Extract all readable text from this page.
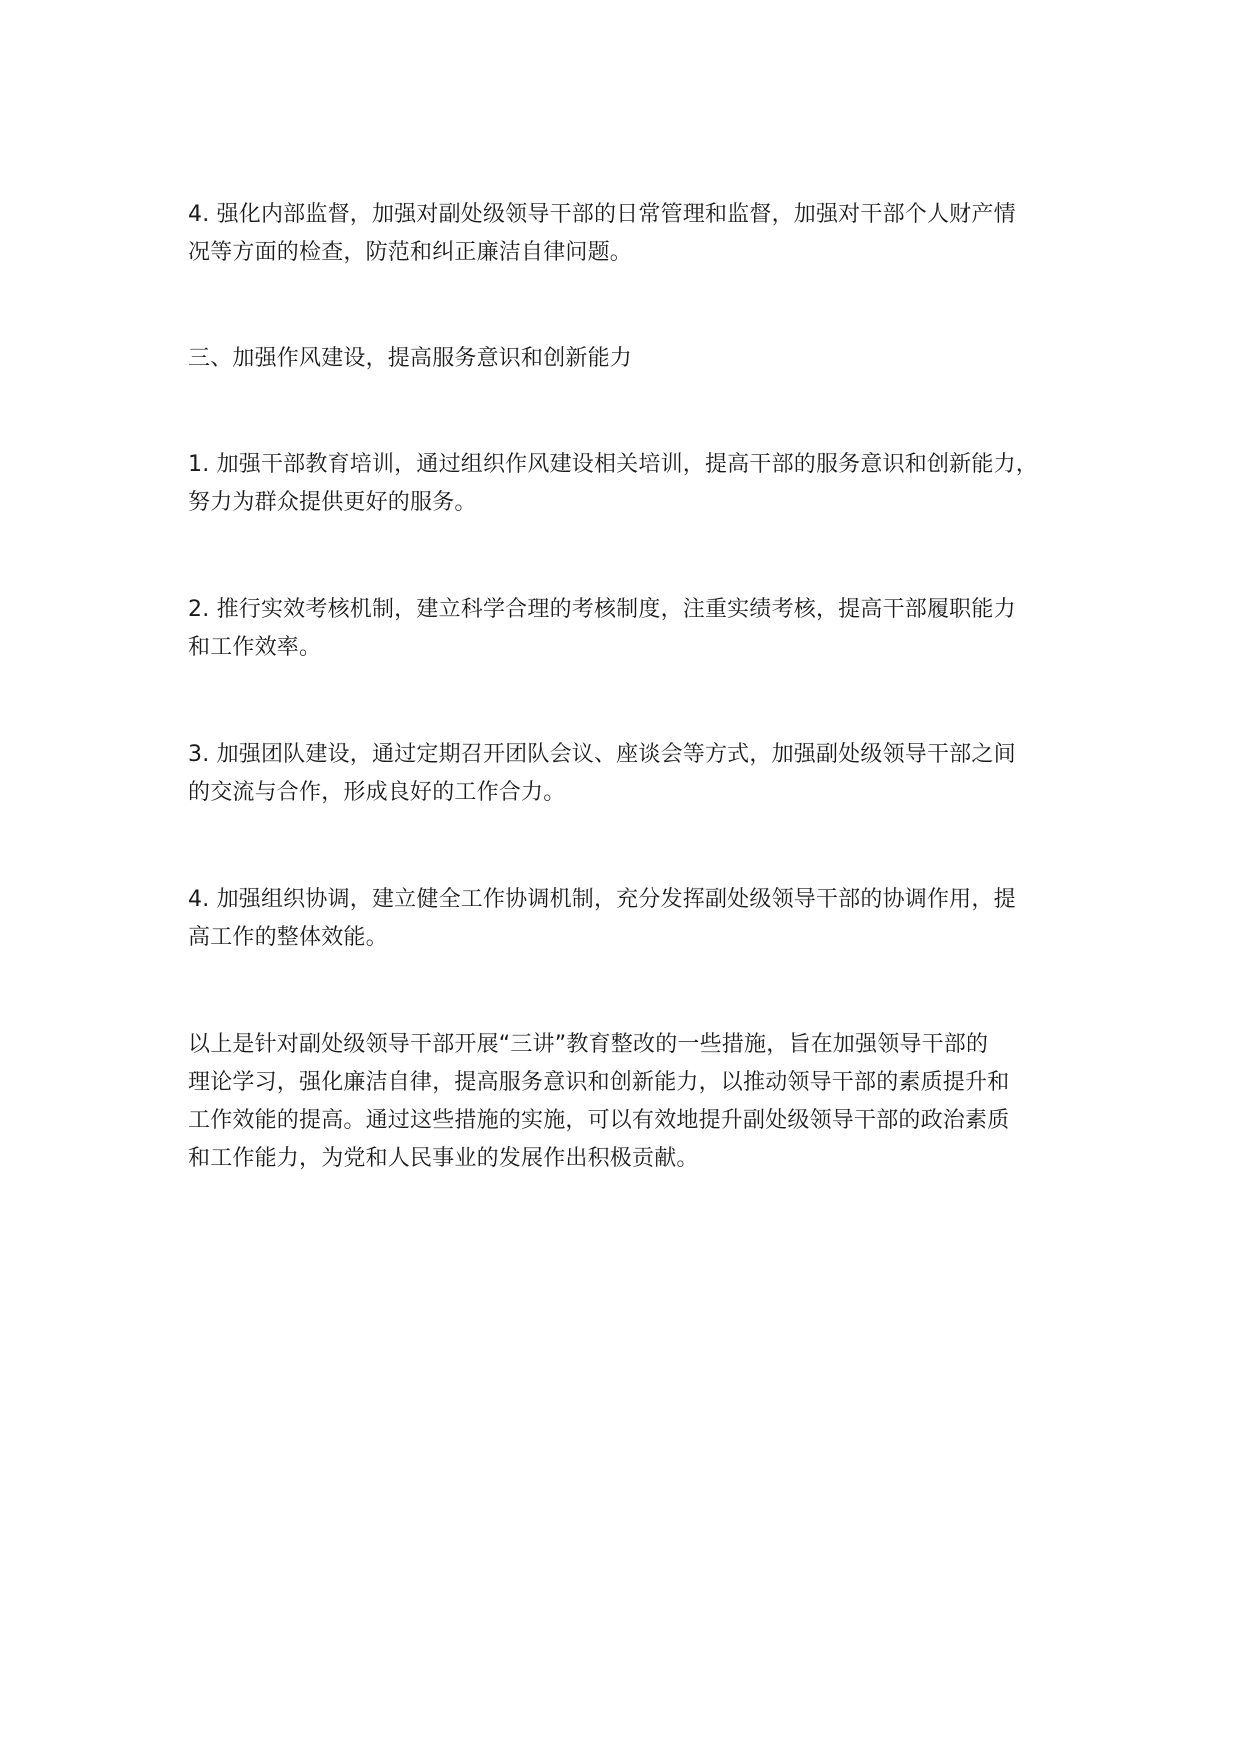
4. 强化内部监督，加强对副处级领导干部的日常管理和监督，加强对干部个人财产情
况等方面的检查，防范和纠正廉洁自律问题。

三、加强作风建设，提高服务意识和创新能力

1. 加强干部教育培训，通过组织作风建设相关培训，提高干部的服务意识和创新能力，
努力为群众提供更好的服务。

2. 推行实效考核机制，建立科学合理的考核制度，注重实绩考核，提高干部履职能力
和工作效率。

3. 加强团队建设，通过定期召开团队会议、座谈会等方式，加强副处级领导干部之间
的交流与合作，形成良好的工作合力。

4. 加强组织协调，建立健全工作协调机制，充分发挥副处级领导干部的协调作用，提
高工作的整体效能。

以上是针对副处级领导干部开展“三讲”教育整改的一些措施，旨在加强领导干部的
理论学习，强化廉洁自律，提高服务意识和创新能力，以推动领导干部的素质提升和
工作效能的提高。通过这些措施的实施，可以有效地提升副处级领导干部的政治素质
和工作能力，为党和人民事业的发展作出积极贡献。
